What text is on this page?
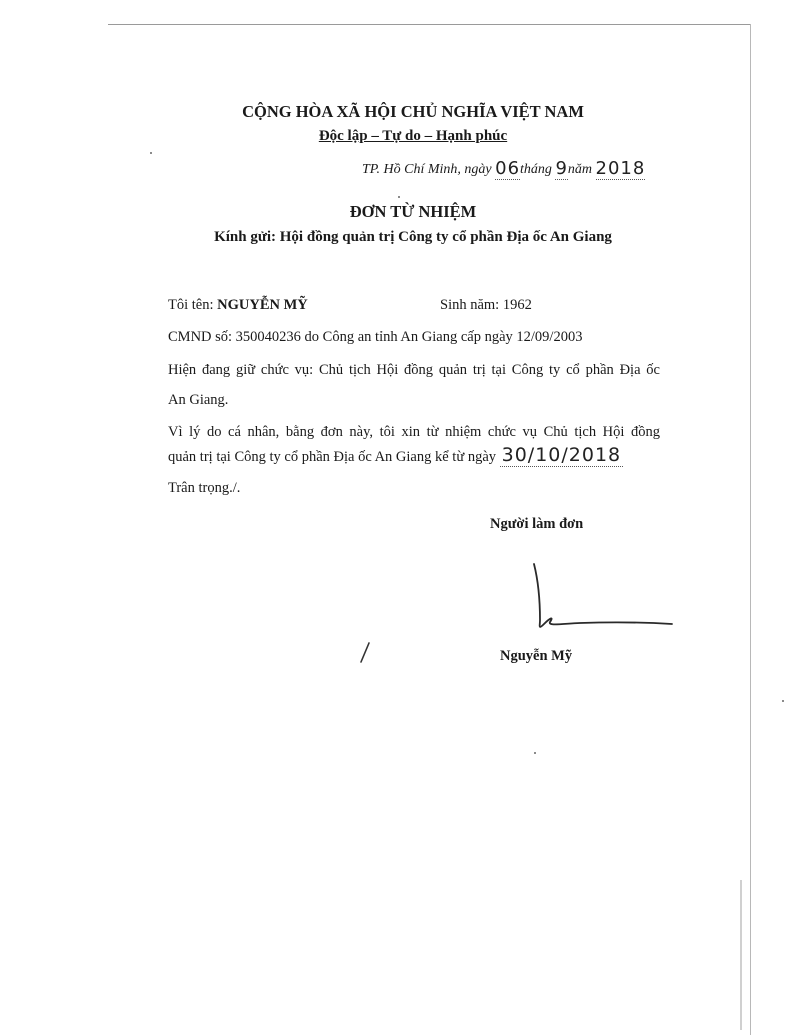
CỘNG HÒA XÃ HỘI CHỦ NGHĨA VIỆT NAM
Độc lập – Tự do – Hạnh phúc
TP. Hồ Chí Minh, ngày 06tháng 9năm 2018
ĐƠN TỪ NHIỆM
Kính gửi: Hội đồng quản trị Công ty cổ phần Địa ốc An Giang
Tôi tên: NGUYỄN MỸ	Sinh năm: 1962
CMND số: 350040236 do Công an tỉnh An Giang cấp ngày 12/09/2003
Hiện đang giữ chức vụ: Chủ tịch Hội đồng quản trị tại Công ty cổ phần Địa ốc
An Giang.
Vì lý do cá nhân, bằng đơn này, tôi xin từ nhiệm chức vụ Chủ tịch Hội đồng
quản trị tại Công ty cổ phần Địa ốc An Giang kể từ ngày 30/10/2018
Trân trọng./.
Người làm đơn
Nguyễn Mỹ
